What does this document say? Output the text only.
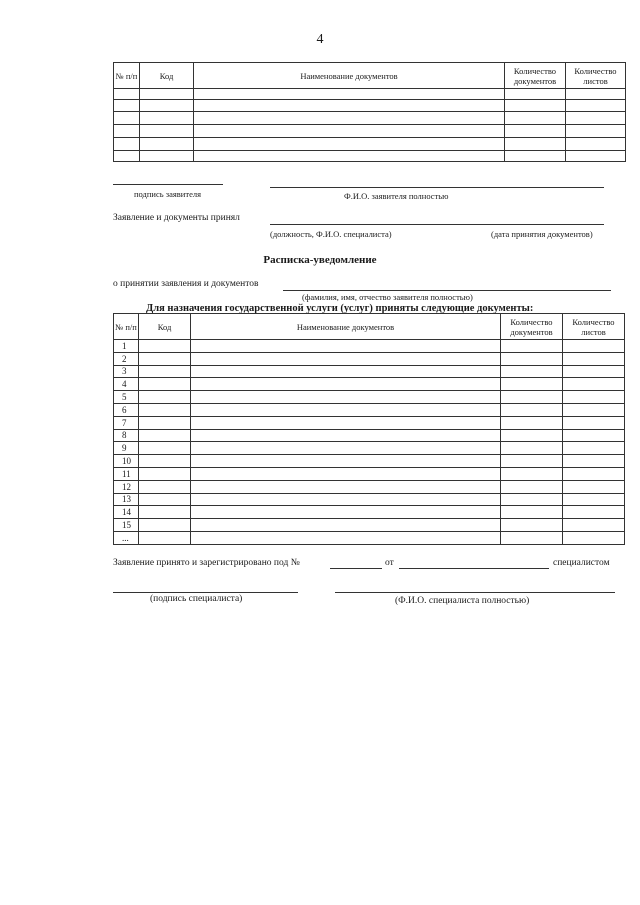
4
№ п/п	Код	Наименование документов	Количество документов	Количество листов

подпись заявителя	Ф.И.О. заявителя полностью
Заявление и документы принял
(должность, Ф.И.О. специалиста)	(дата принятия документов)
Расписка-уведомление
о принятии заявления и документов
(фамилия, имя, отчество заявителя полностью)
Для назначения государственной услуги (услуг) приняты следующие документы:
№ п/п	Код	Наименование документов	Количество документов	Количество листов
1				
2				
3				
4				
5				
6				
7				
8				
9				
10				
11				
12				
13				
14				
15				
...				
Заявление принято и зарегистрировано под №	от	специалистом
(подпись специалиста)	(Ф.И.О. специалиста полностью)
